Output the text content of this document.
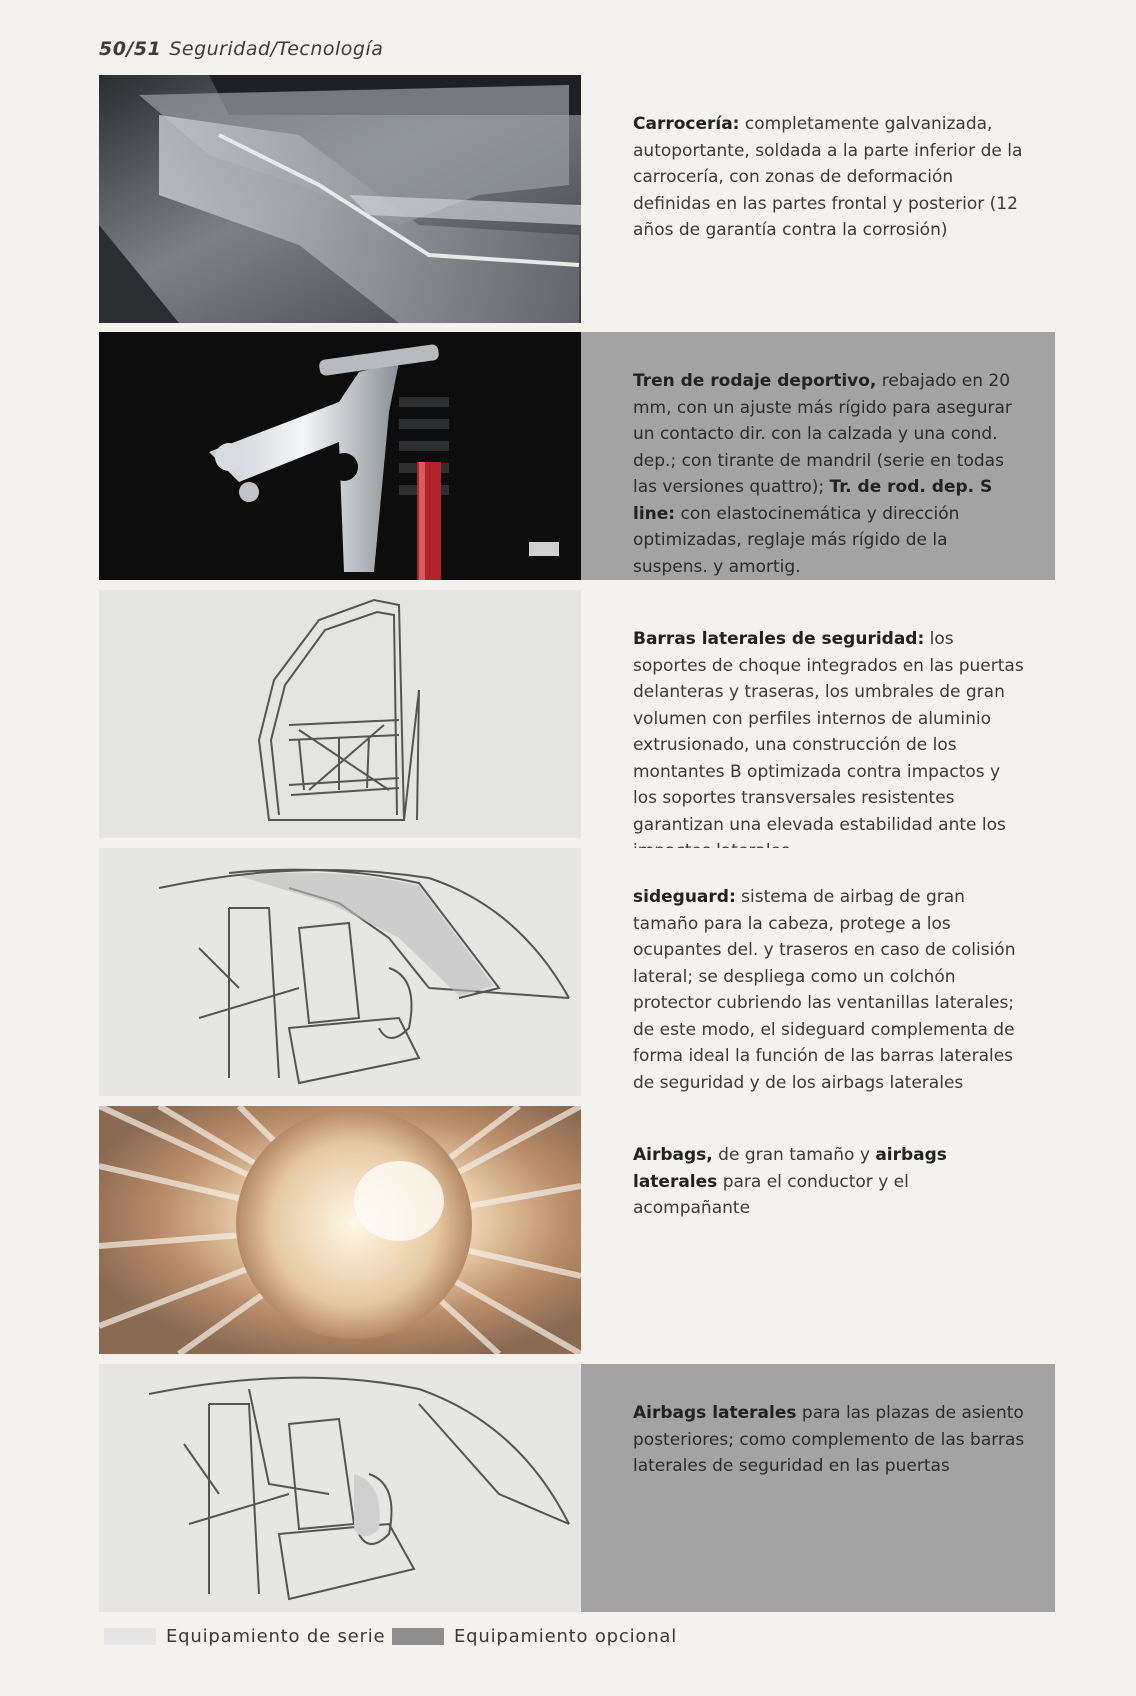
50/51 Seguridad/Tecnología
Carrocería: completamente galvanizada, autoportante, soldada a la parte inferior de la carrocería, con zonas de deformación definidas en las partes frontal y posterior (12 años de garantía contra la corrosión)
Tren de rodaje deportivo, rebajado en 20 mm, con un ajuste más rígido para asegurar un contacto dir. con la calzada y una cond. dep.; con tirante de mandril (serie en todas las versiones quattro); Tr. de rod. dep. S line: con elastocinemática y dirección optimizadas, reglaje más rígido de la suspens. y amortig.
Barras laterales de seguridad: los soportes de choque integrados en las puertas delanteras y traseras, los umbrales de gran volumen con perfiles internos de aluminio extrusionado, una construcción de los montantes B optimizada contra impactos y los soportes transversales resistentes garantizan una elevada estabilidad ante los
sideguard: sistema de airbag de gran tamaño para la cabeza, protege a los ocupantes del. y traseros en caso de colisión lateral; se despliega como un colchón protector cubriendo las ventanillas laterales; de este modo, el sideguard complementa de forma ideal la función de las barras laterales de seguridad y de los airbags laterales
Airbags, de gran tamaño y airbags laterales para el conductor y el acompañante
Airbags laterales para las plazas de asiento posteriores; como complemento de las barras laterales de seguridad en las puertas
Equipamiento de serie	Equipamiento opcional
